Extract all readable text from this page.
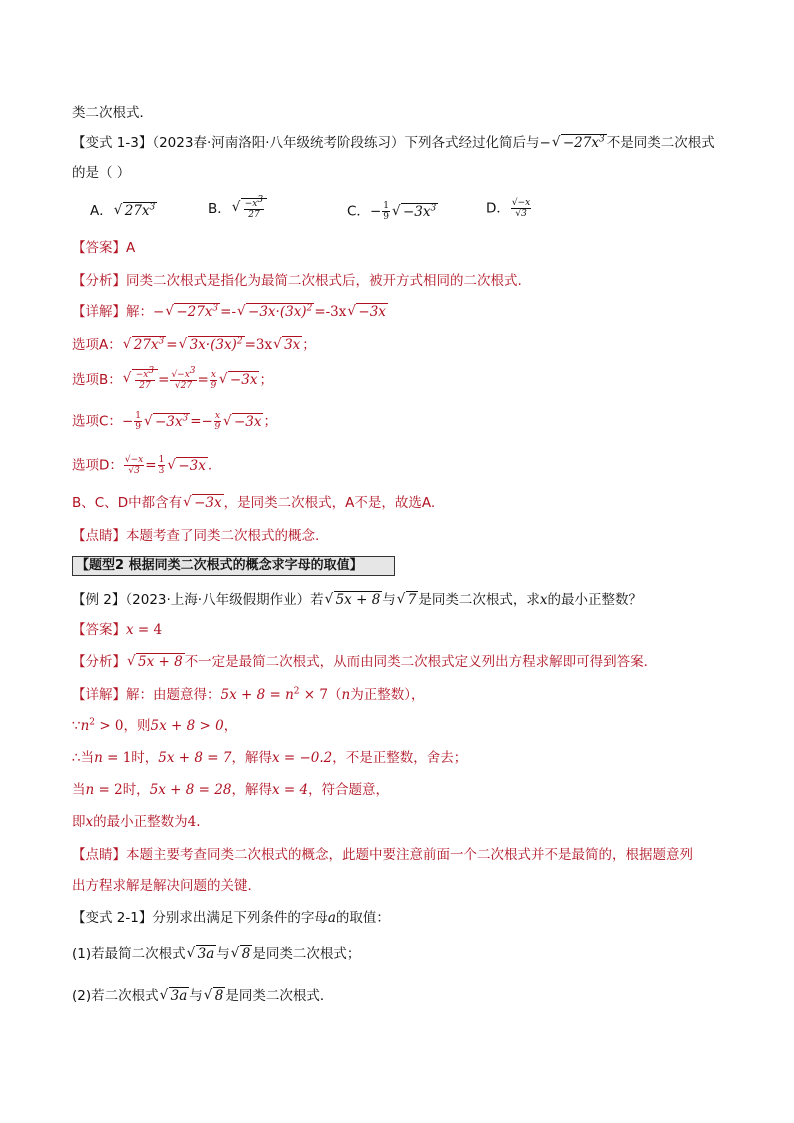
类二次根式．
【变式 1-3】（2023春·河南洛阳·八年级统考阶段练习）下列各式经过化简后与−√ $-27x^3$ 不是同类二次根式
的是（ ）
A．√ $27x^3$	B．
√ $\frac{-x^3}{27}$	C．− $\frac{1}{9}$
√ $-3x^3$	D． $\frac{√-x}{√3}$
【答案】A
【分析】同类二次根式是指化为最简二次根式后，被开方式相同的二次根式.
【详解】解：−√ $-27x^3$ =-√ $-3x\cdot(3x)^2 =-3x√ -3x$
选项A：√ $27x^3$ =√ $3x\cdot(3x)^2 =3x√$ 3x ；
选项B：
√ $\frac{-x^3}{27} = \frac{√-x^3}{√27} = \frac{x}{9}$
√ −3x ；
选项C：− $\frac{1}{9}$
√ $-3x^3 =- \frac{x}{9}$
√ −3x ；
选项D： $\frac{√-x}{√3} = \frac{1}{3}$
√ −3x .
B、C、D中都含有√ −3x ，是同类二次根式，A不是，故选A.
【点睛】本题考查了同类二次根式的概念.
【题型2 根据同类二次根式的概念求字母的取值】
【例 2】（2023·上海·八年级假期作业）若√ 5x + 8 与√ 7 是同类二次根式，求x的最小正整数？
【答案】x = 4
【分析】√ 5x + 8 不一定是最简二次根式，从而由同类二次根式定义列出方程求解即可得到答案．
【详解】解：由题意得：$5x + 8 = n^2 \times 7(n$为正整数），
$\because n^2 > 0$，则5x + 8 > 0，
∴当n = 1时，5x + 8 = 7，解得x = −0.2，不是正整数，舍去；
当n = 2时，5x + 8 = 28，解得x = 4，符合题意，
即x的最小正整数为4.
【点睛】本题主要考查同类二次根式的概念，此题中要注意前面一个二次根式并不是最简的，根据题意列
出方程求解是解决问题的关键．
【变式 2-1】分别求出满足下列条件的字母a的取值：
(1)若最简二次根式√ 3a 与√ 8 是同类二次根式；
(2)若二次根式√ 3a 与√ 8 是同类二次根式．
